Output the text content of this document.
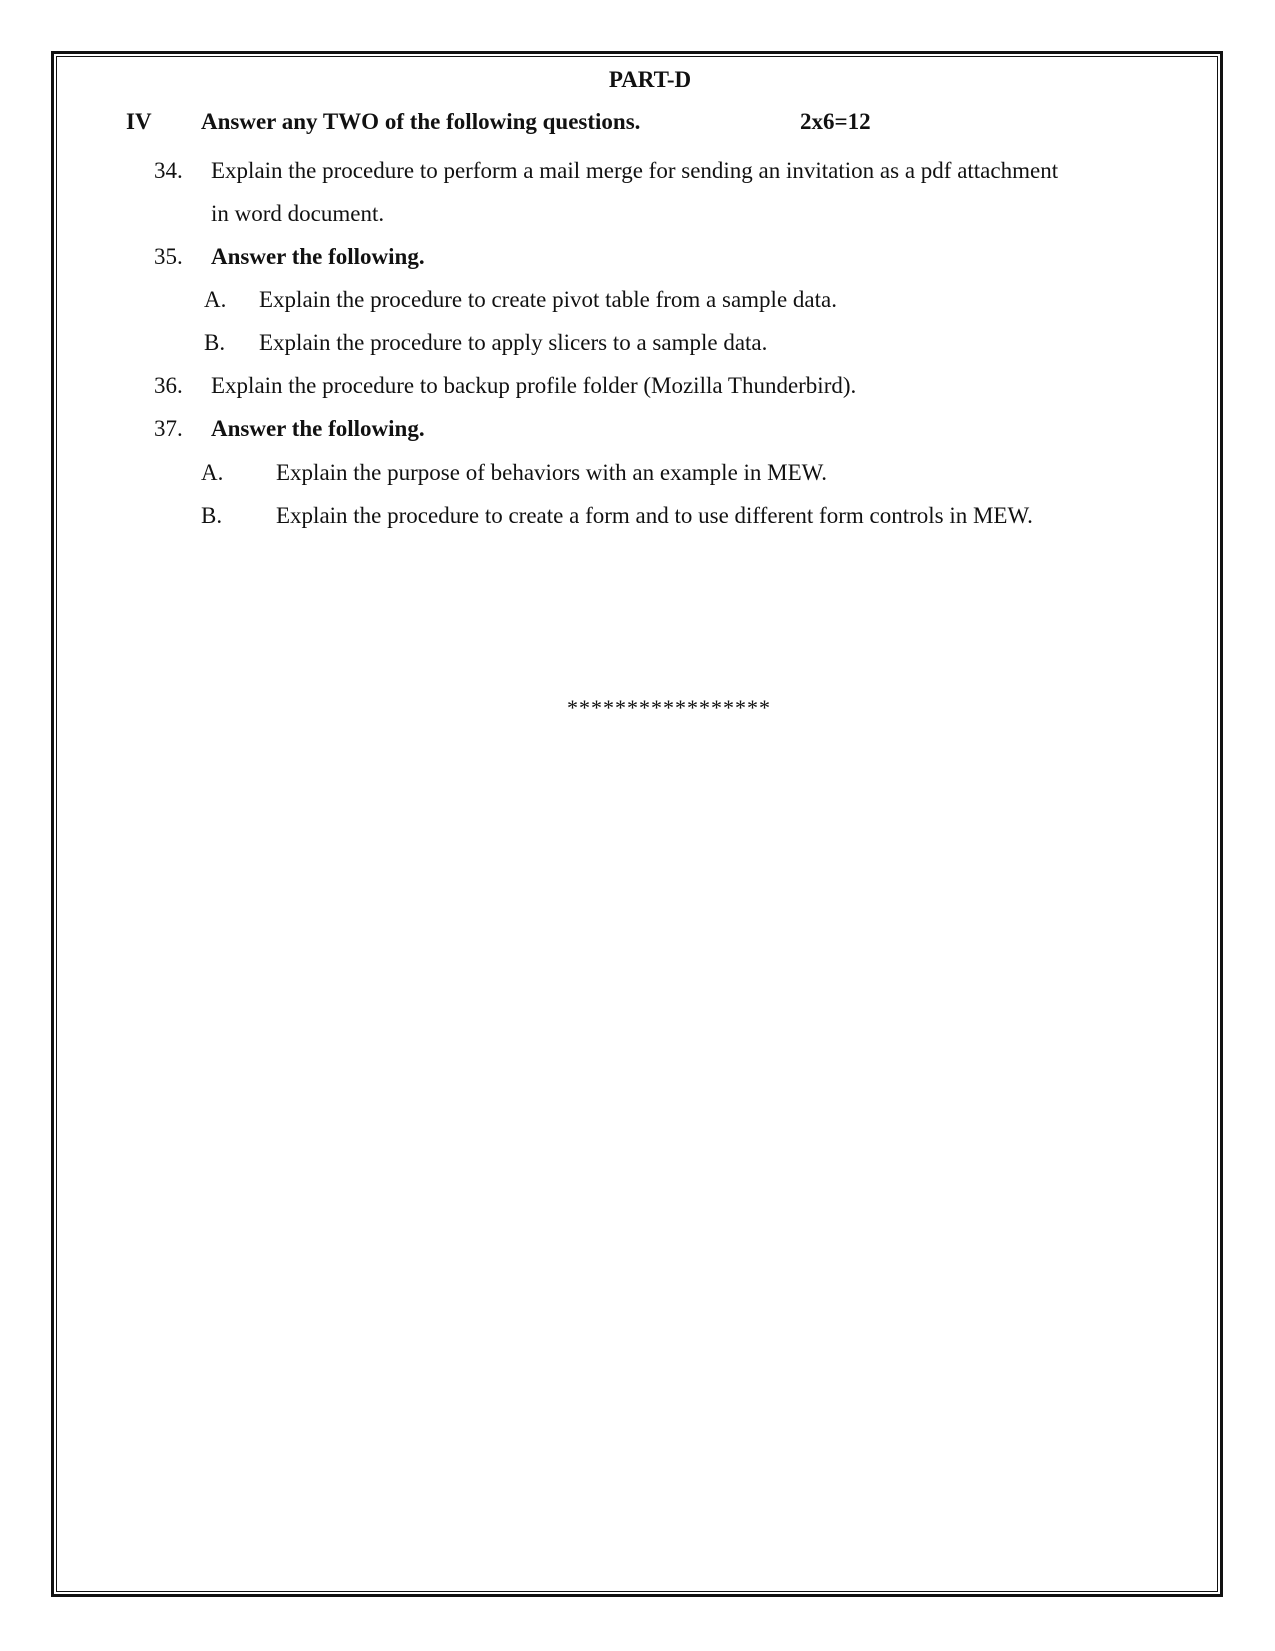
PART-D
IV Answer any TWO of the following questions.	2x6=12
34. Explain the procedure to perform a mail merge for sending an invitation as a pdf attachment
in word document.
35. Answer the following.
A. Explain the procedure to create pivot table from a sample data.
B. Explain the procedure to apply slicers to a sample data.
36. Explain the procedure to backup profile folder (Mozilla Thunderbird).
37. Answer the following.
A. Explain the purpose of behaviors with an example in MEW.
B. Explain the procedure to create a form and to use different form controls in MEW.
*****************
